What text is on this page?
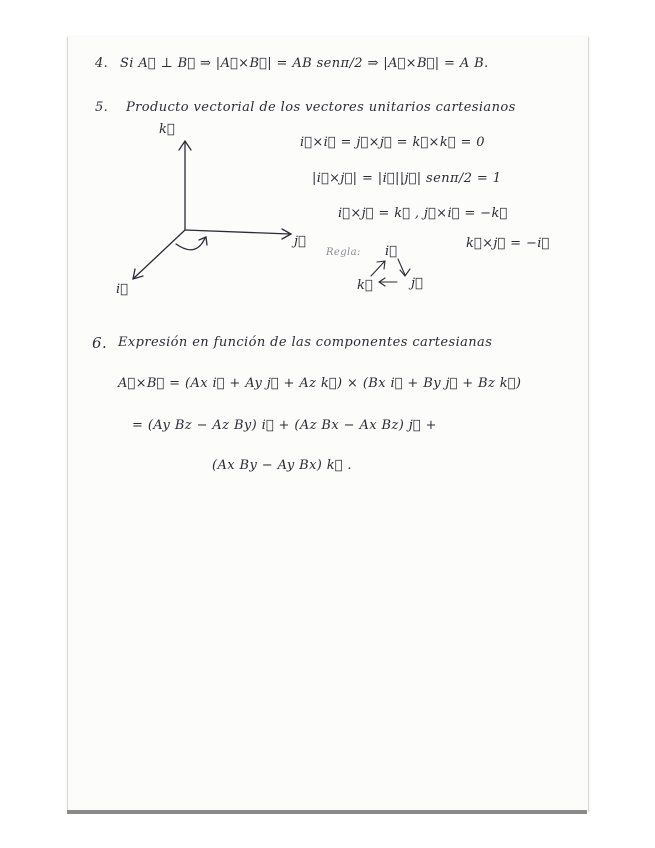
4. Si A⃗ ⊥ B⃗ ⇒ |A⃗×B⃗| = AB senπ/2 ⇒ |A⃗×B⃗| = A B.
5. Producto vectorial de los vectores unitarios cartesianos
k⃗
j⃗
i⃗
i⃗×i⃗ = j⃗×j⃗ = k⃗×k⃗ = 0
|i⃗×j⃗| = |i⃗||j⃗| senπ/2 = 1
i⃗×j⃗ = k⃗ , j⃗×i⃗ = −k⃗
k⃗×j⃗ = −i⃗
Regla: i⃗
k⃗	j⃗
6. Expresión en función de las componentes cartesianas
A⃗×B⃗ = (Ax i⃗ + Ay j⃗ + Az k⃗) × (Bx i⃗ + By j⃗ + Bz k⃗)
= (Ay Bz − Az By) i⃗ + (Az Bx − Ax Bz) j⃗ +
(Ax By − Ay Bx) k⃗ .
